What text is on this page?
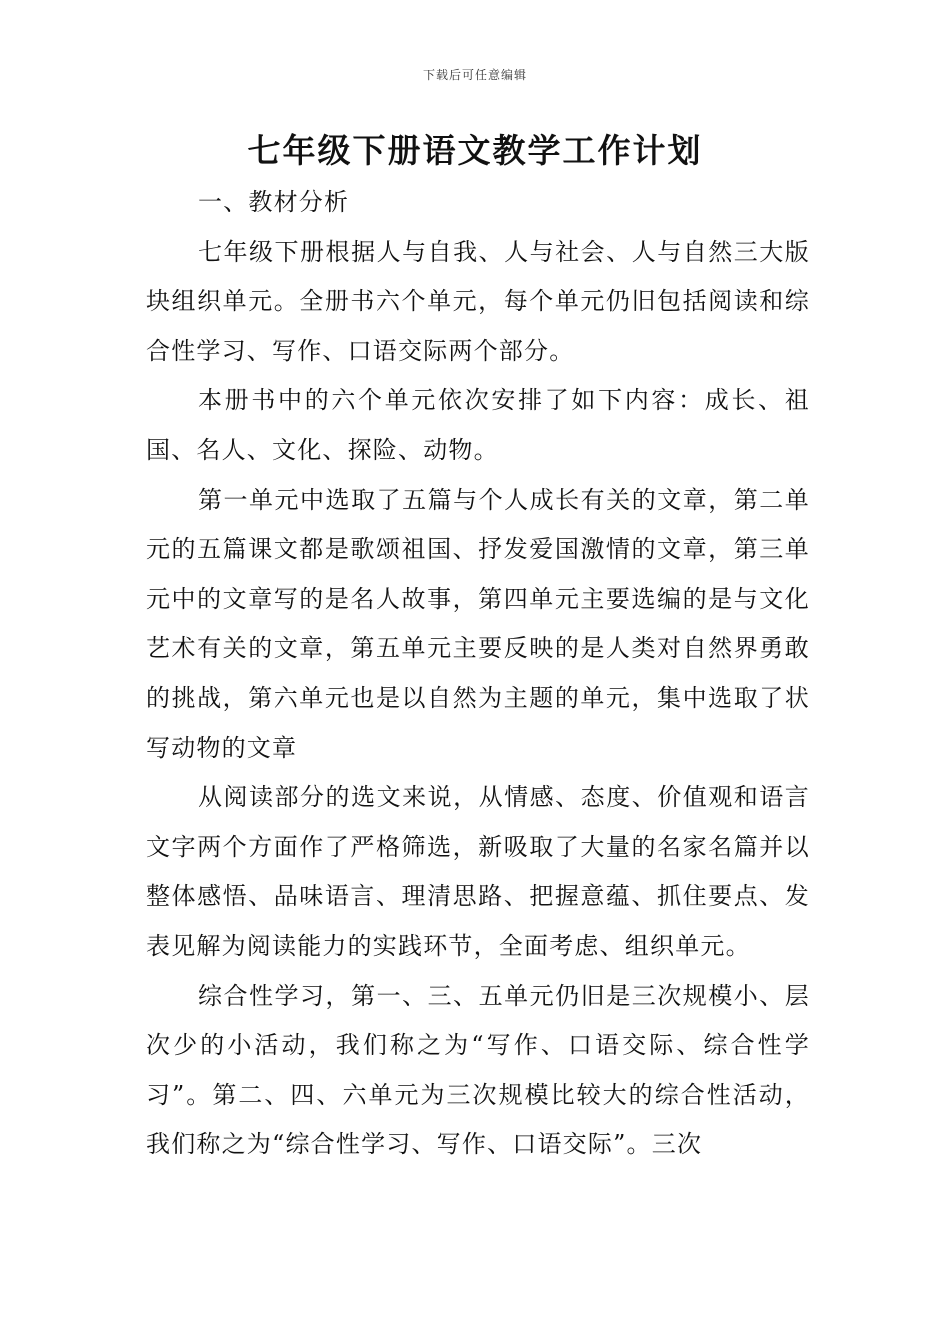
下载后可任意编辑
七年级下册语文教学工作计划

一、教材分析

七年级下册根据人与自我、人与社会、人与自然三大版块组织单元。全册书六个单元，每个单元仍旧包括阅读和综合性学习、写作、口语交际两个部分。

本册书中的六个单元依次安排了如下内容：成长、祖国、名人、文化、探险、动物。

第一单元中选取了五篇与个人成长有关的文章，第二单元的五篇课文都是歌颂祖国、抒发爱国激情的文章，第三单元中的文章写的是名人故事，第四单元主要选编的是与文化艺术有关的文章，第五单元主要反映的是人类对自然界勇敢的挑战，第六单元也是以自然为主题的单元，集中选取了状写动物的文章

从阅读部分的选文来说，从情感、态度、价值观和语言文字两个方面作了严格筛选，新吸取了大量的名家名篇并以整体感悟、品味语言、理清思路、把握意蕴、抓住要点、发表见解为阅读能力的实践环节，全面考虑、组织单元。

综合性学习，第一、三、五单元仍旧是三次规模小、层次少的小活动，我们称之为“写作、口语交际、综合性学习”。第二、四、六单元为三次规模比较大的综合性活动，我们称之为“综合性学习、写作、口语交际”。三次
